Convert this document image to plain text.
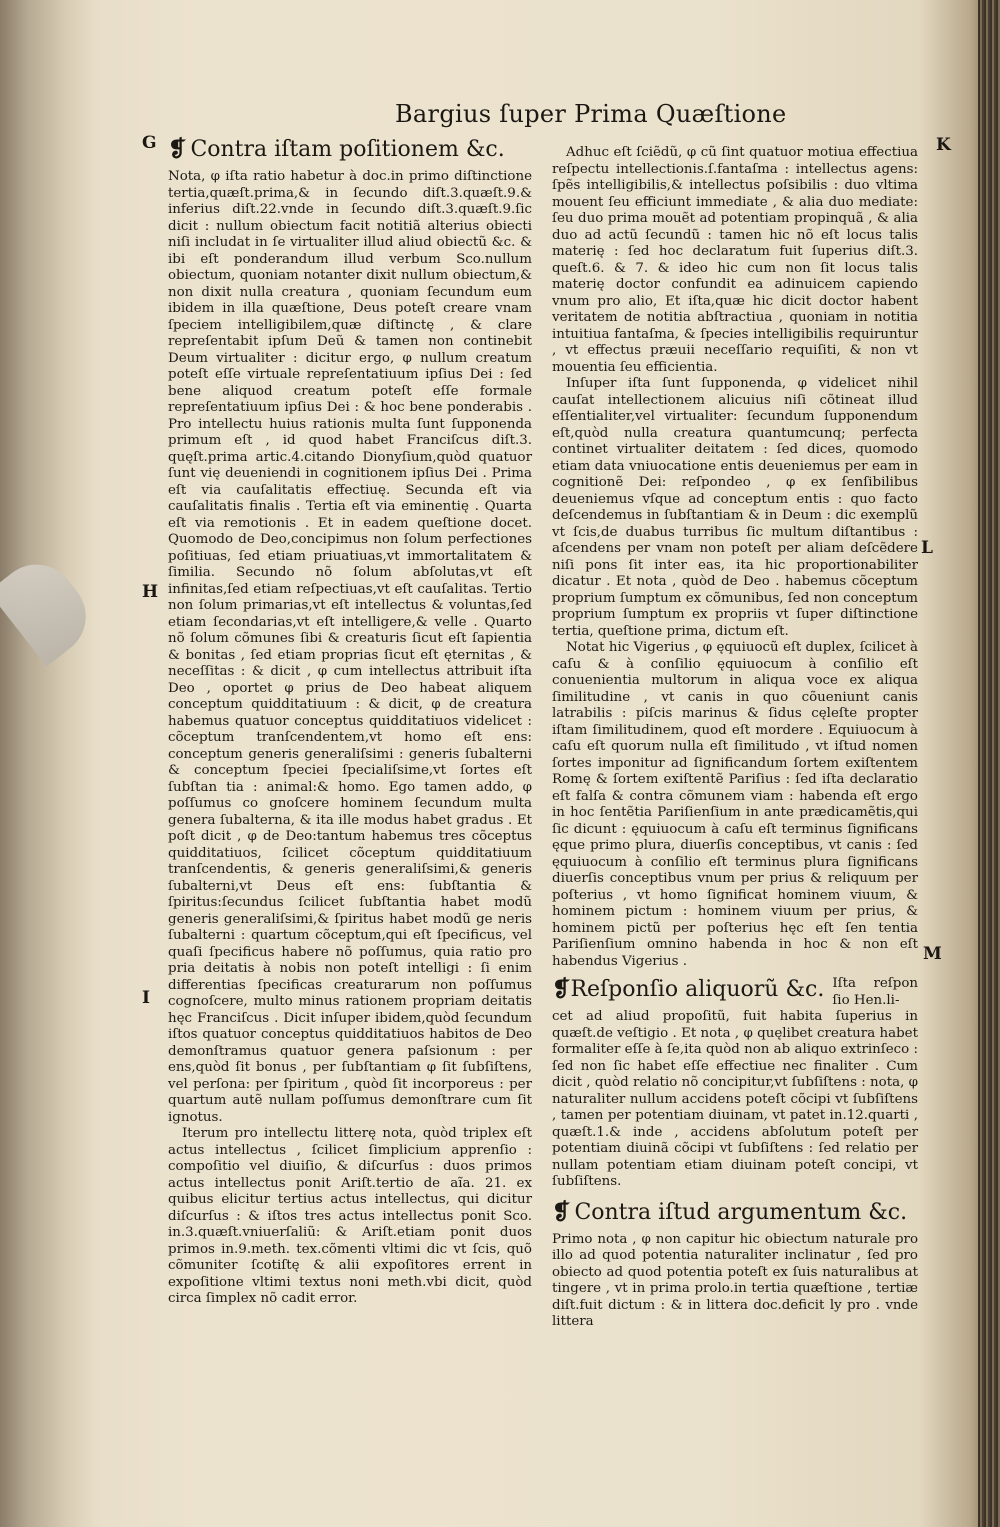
Bargius ſuper Prima Quæſtione
G
H
I
K
L
M
❡ Contra iſtam poſitionem &c.

Nota, φ iſta ratio habetur à doc.in primo diſtinctione tertia,quæſt.prima,& in ſecundo diſt.3.quæſt.9.& inferius diſt.22.vnde in ſecundo diſt.3.quæſt.9.ſic dicit : nullum obiectum facit notitiã alterius obiecti niſi includat in ſe virtualiter illud aliud obiectũ &c. & ibi eſt ponderandum illud verbum Sco.nullum obiectum, quoniam notanter dixit nullum obiectum,& non dixit nulla creatura , quoniam ſecundum eum ibidem in illa quæſtione, Deus poteſt creare vnam ſpeciem intelligibilem,quæ diſtinctę , & clare repreſentabit ipſum Deũ & tamen non continebit Deum virtualiter : dicitur ergo, φ nullum creatum poteſt eſſe virtuale repreſentatiuum ipſius Dei : ſed bene aliquod creatum poteſt eſſe formale repreſentatiuum ipſius Dei : & hoc bene ponderabis . Pro intellectu huius rationis multa ſunt ſupponenda primum eſt , id quod habet Franciſcus diſt.3. quęſt.prima artic.4.citando Dionyſium,quòd quatuor ſunt vię deueniendi in cognitionem ipſius Dei . Prima eſt via cauſalitatis effectiuę. Secunda eſt via cauſalitatis finalis . Tertia eſt via eminentię . Quarta eſt via remotionis . Et in eadem queſtione docet. Quomodo de Deo,concipimus non ſolum perfectiones poſitiuas, ſed etiam priuatiuas,vt immortalitatem & ſimilia. Secundo nõ ſolum abſolutas,vt eſt infinitas,ſed etiam reſpectiuas,vt eſt cauſalitas. Tertio non ſolum primarias,vt eſt intellectus & voluntas,ſed etiam ſecondarias,vt eſt intelligere,& velle . Quarto nõ ſolum cõmunes ſibi & creaturis ſicut eſt ſapientia & bonitas , ſed etiam proprias ſicut eſt ęternitas , & neceſſitas : & dicit , φ cum intellectus attribuit iſta Deo , oportet φ prius de Deo habeat aliquem conceptum quidditatiuum : & dicit, φ de creatura habemus quatuor conceptus quidditatiuos videlicet : cõceptum tranſcendentem,vt homo eſt ens: conceptum generis generaliſsimi : generis ſubalterni & conceptum ſpeciei ſpecialiſsime,vt ſortes eſt ſubſtan tia : animal:& homo. Ego tamen addo, φ poſſumus co gnoſcere hominem ſecundum multa genera ſubalterna, & ita ille modus habet gradus . Et poſt dicit , φ de Deo:tantum habemus tres cõceptus quidditatiuos, ſcilicet cõceptum quidditatiuum tranſcendentis, & generis generaliſsimi,& generis ſubalterni,vt Deus eſt ens: ſubſtantia & ſpiritus:ſecundus ſcilicet ſubſtantia habet modũ generis generaliſsimi,& ſpiritus habet modũ ge neris ſubalterni : quartum cõceptum,qui eſt ſpecificus, vel quaſi ſpecificus habere nõ poſſumus, quia ratio pro pria deitatis à nobis non poteſt intelligi : ſi enim differentias ſpecificas creaturarum non poſſumus cognoſcere, multo minus rationem propriam deitatis hęc Franciſcus . Dicit inſuper ibidem,quòd ſecundum iſtos quatuor conceptus quidditatiuos habitos de Deo demonſtramus quatuor genera paſsionum : per ens,quòd ſit bonus , per ſubſtantiam φ ſit ſubſiſtens, vel perſona: per ſpiritum , quòd ſit incorporeus : per quartum autẽ nullam poſſumus demonſtrare cum ſit ignotus.

Iterum pro intellectu litterę nota, quòd triplex eſt actus intellectus , ſcilicet ſimplicium apprenſio : compoſitio vel diuiſio, & diſcurſus : duos primos actus intellectus ponit Ariſt.tertio de aĩa. 21. ex quibus elicitur tertius actus intellectus, qui dicitur diſcurſus : & iſtos tres actus intellectus ponit Sco. in.3.quæſt.vniuerſaliũ: & Ariſt.etiam ponit duos primos in.9.meth. tex.cõmenti vltimi dic vt ſcis, quõ cõmuniter ſcotiſtę & alii expoſitores errent in expoſitione vltimi textus noni meth.vbi dicit, quòd circa ſimplex nõ cadit error.

Adhuc eſt ſciẽdũ, φ cũ ſint quatuor motiua effectiua reſpectu intellectionis.ſ.fantaſma : intellectus agens: ſpẽs intelligibilis,& intellectus poſsibilis : duo vltima mouent ſeu efficiunt immediate , & alia duo mediate: ſeu duo prima mouẽt ad potentiam propinquã , & alia duo ad actũ ſecundũ : tamen hic nõ eſt locus talis materię : ſed hoc declaratum fuit ſuperius diſt.3. queſt.6. & 7. & ideo hic cum non ſit locus talis materię doctor confundit ea adinuicem capiendo vnum pro alio, Et iſta,quæ hic dicit doctor habent veritatem de notitia abſtractiua , quoniam in notitia intuitiua fantaſma, & ſpecies intelligibilis requiruntur , vt effectus præuii neceſſario requiſiti, & non vt mouentia ſeu efficientia.

Inſuper iſta ſunt ſupponenda, φ videlicet nihil cauſat intellectionem alicuius niſi cõtineat illud eſſentialiter,vel virtualiter: ſecundum ſupponendum eſt,quòd nulla creatura quantumcunq; perfecta continet virtualiter deitatem : ſed dices, quomodo etiam data vniuocatione entis deueniemus per eam in cognitionẽ Dei: reſpondeo , φ ex ſenſibilibus deueniemus vſque ad conceptum entis : quo facto deſcendemus in ſubſtantiam & in Deum : dic exemplũ vt ſcis,de duabus turribus ſic multum diſtantibus : aſcendens per vnam non poteſt per aliam deſcẽdere niſi pons ſit inter eas, ita hic proportionabiliter dicatur . Et nota , quòd de Deo . habemus cõceptum proprium ſumptum ex cõmunibus, ſed non conceptum proprium ſumptum ex propriis vt ſuper diſtinctione tertia, queſtione prima, dictum eſt.

Notat hic Vigerius , φ ęquiuocũ eſt duplex, ſcilicet à caſu & à conſilio ęquiuocum à conſilio eſt conuenientia multorum in aliqua voce ex aliqua ſimilitudine , vt canis in quo cõueniunt canis latrabilis : piſcis marinus & ſidus cęleſte propter iſtam ſimilitudinem, quod eſt mordere . Equiuocum à caſu eſt quorum nulla eſt ſimilitudo , vt iſtud nomen ſortes imponitur ad ſignificandum ſortem exiſtentem Romę & ſortem exiſtentẽ Pariſius : ſed iſta declaratio eſt falſa & contra cõmunem viam : habenda eſt ergo in hoc ſentẽtia Pariſienſium in ante prædicamẽtis,qui ſic dicunt : ęquiuocum à caſu eſt terminus ſignificans ęque primo plura, diuerſis conceptibus, vt canis : ſed ęquiuocum à conſilio eſt terminus plura ſignificans diuerſis conceptibus vnum per prius & reliquum per poſterius , vt homo ſignificat hominem viuum, & hominem pictum : hominem viuum per prius, & hominem pictũ per poſterius hęc eſt ſen tentia Pariſienſium omnino habenda in hoc & non eſt habendus Vigerius .

❡Reſponſio aliquorũ &c. Iſta reſpon ſio Hen.li-

cet ad aliud propoſitũ, fuit habita ſuperius in quæſt.de veſtigio . Et nota , φ quęlibet creatura habet formaliter eſſe à ſe,ita quòd non ab aliquo extrinſeco : ſed non ſic habet eſſe effectiue nec finaliter . Cum dicit , quòd relatio nõ concipitur,vt ſubſiſtens : nota, φ naturaliter nullum accidens poteſt cõcipi vt ſubſiſtens , tamen per potentiam diuinam, vt patet in.12.quarti , quæſt.1.& inde , accidens abſolutum poteſt per potentiam diuinã cõcipi vt ſubſiſtens : ſed relatio per nullam potentiam etiam diuinam poteſt concipi, vt ſubſiſtens.

❡ Contra iſtud argumentum &c.

Primo nota , φ non capitur hic obiectum naturale pro illo ad quod potentia naturaliter inclinatur , ſed pro obiecto ad quod potentia poteſt ex ſuis naturalibus at tingere , vt in prima prolo.in tertia quæſtione , tertiæ diſt.fuit dictum : & in littera doc.deficit ly pro . vnde littera
